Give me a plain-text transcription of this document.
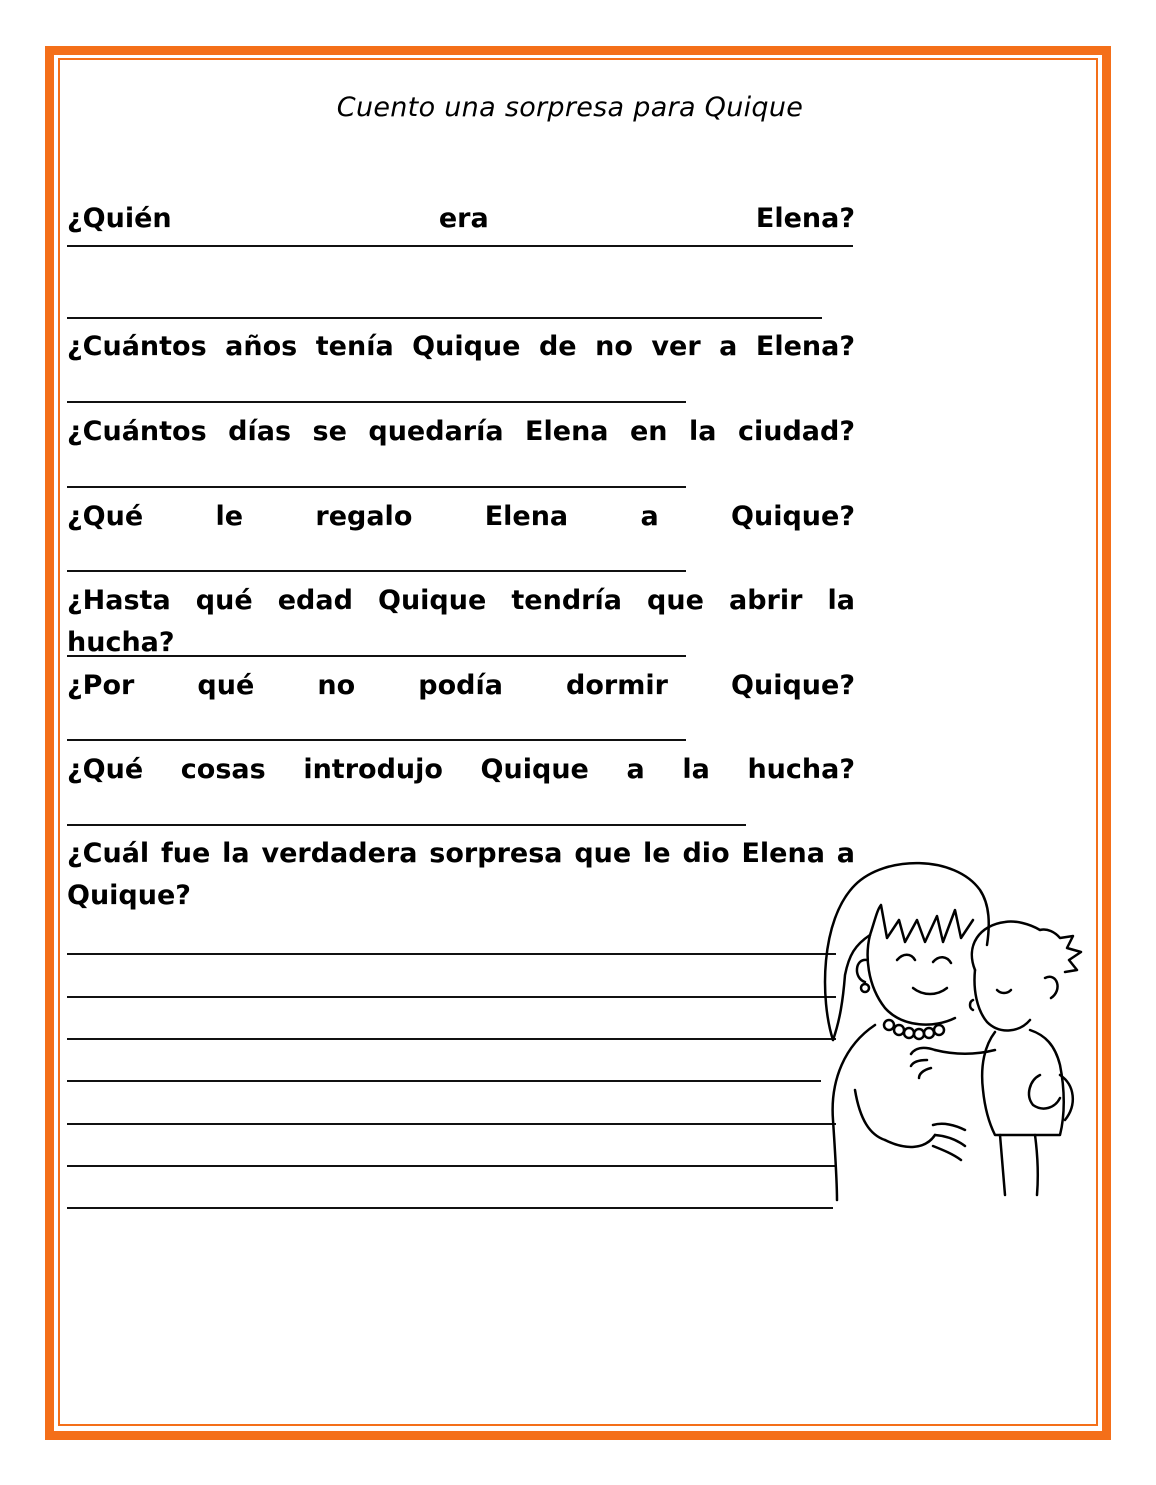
Cuento una sorpresa para Quique
¿Quién era Elena?
¿Cuántos años tenía Quique de no ver a Elena?
¿Cuántos días se quedaría Elena en la ciudad?
¿Qué le regalo Elena a Quique?
¿Hasta qué edad Quique tendría que abrir la hucha?
¿Por qué no podía dormir Quique?
¿Qué cosas introdujo Quique a la hucha?
¿Cuál fue la verdadera sorpresa que le dio Elena a Quique?
